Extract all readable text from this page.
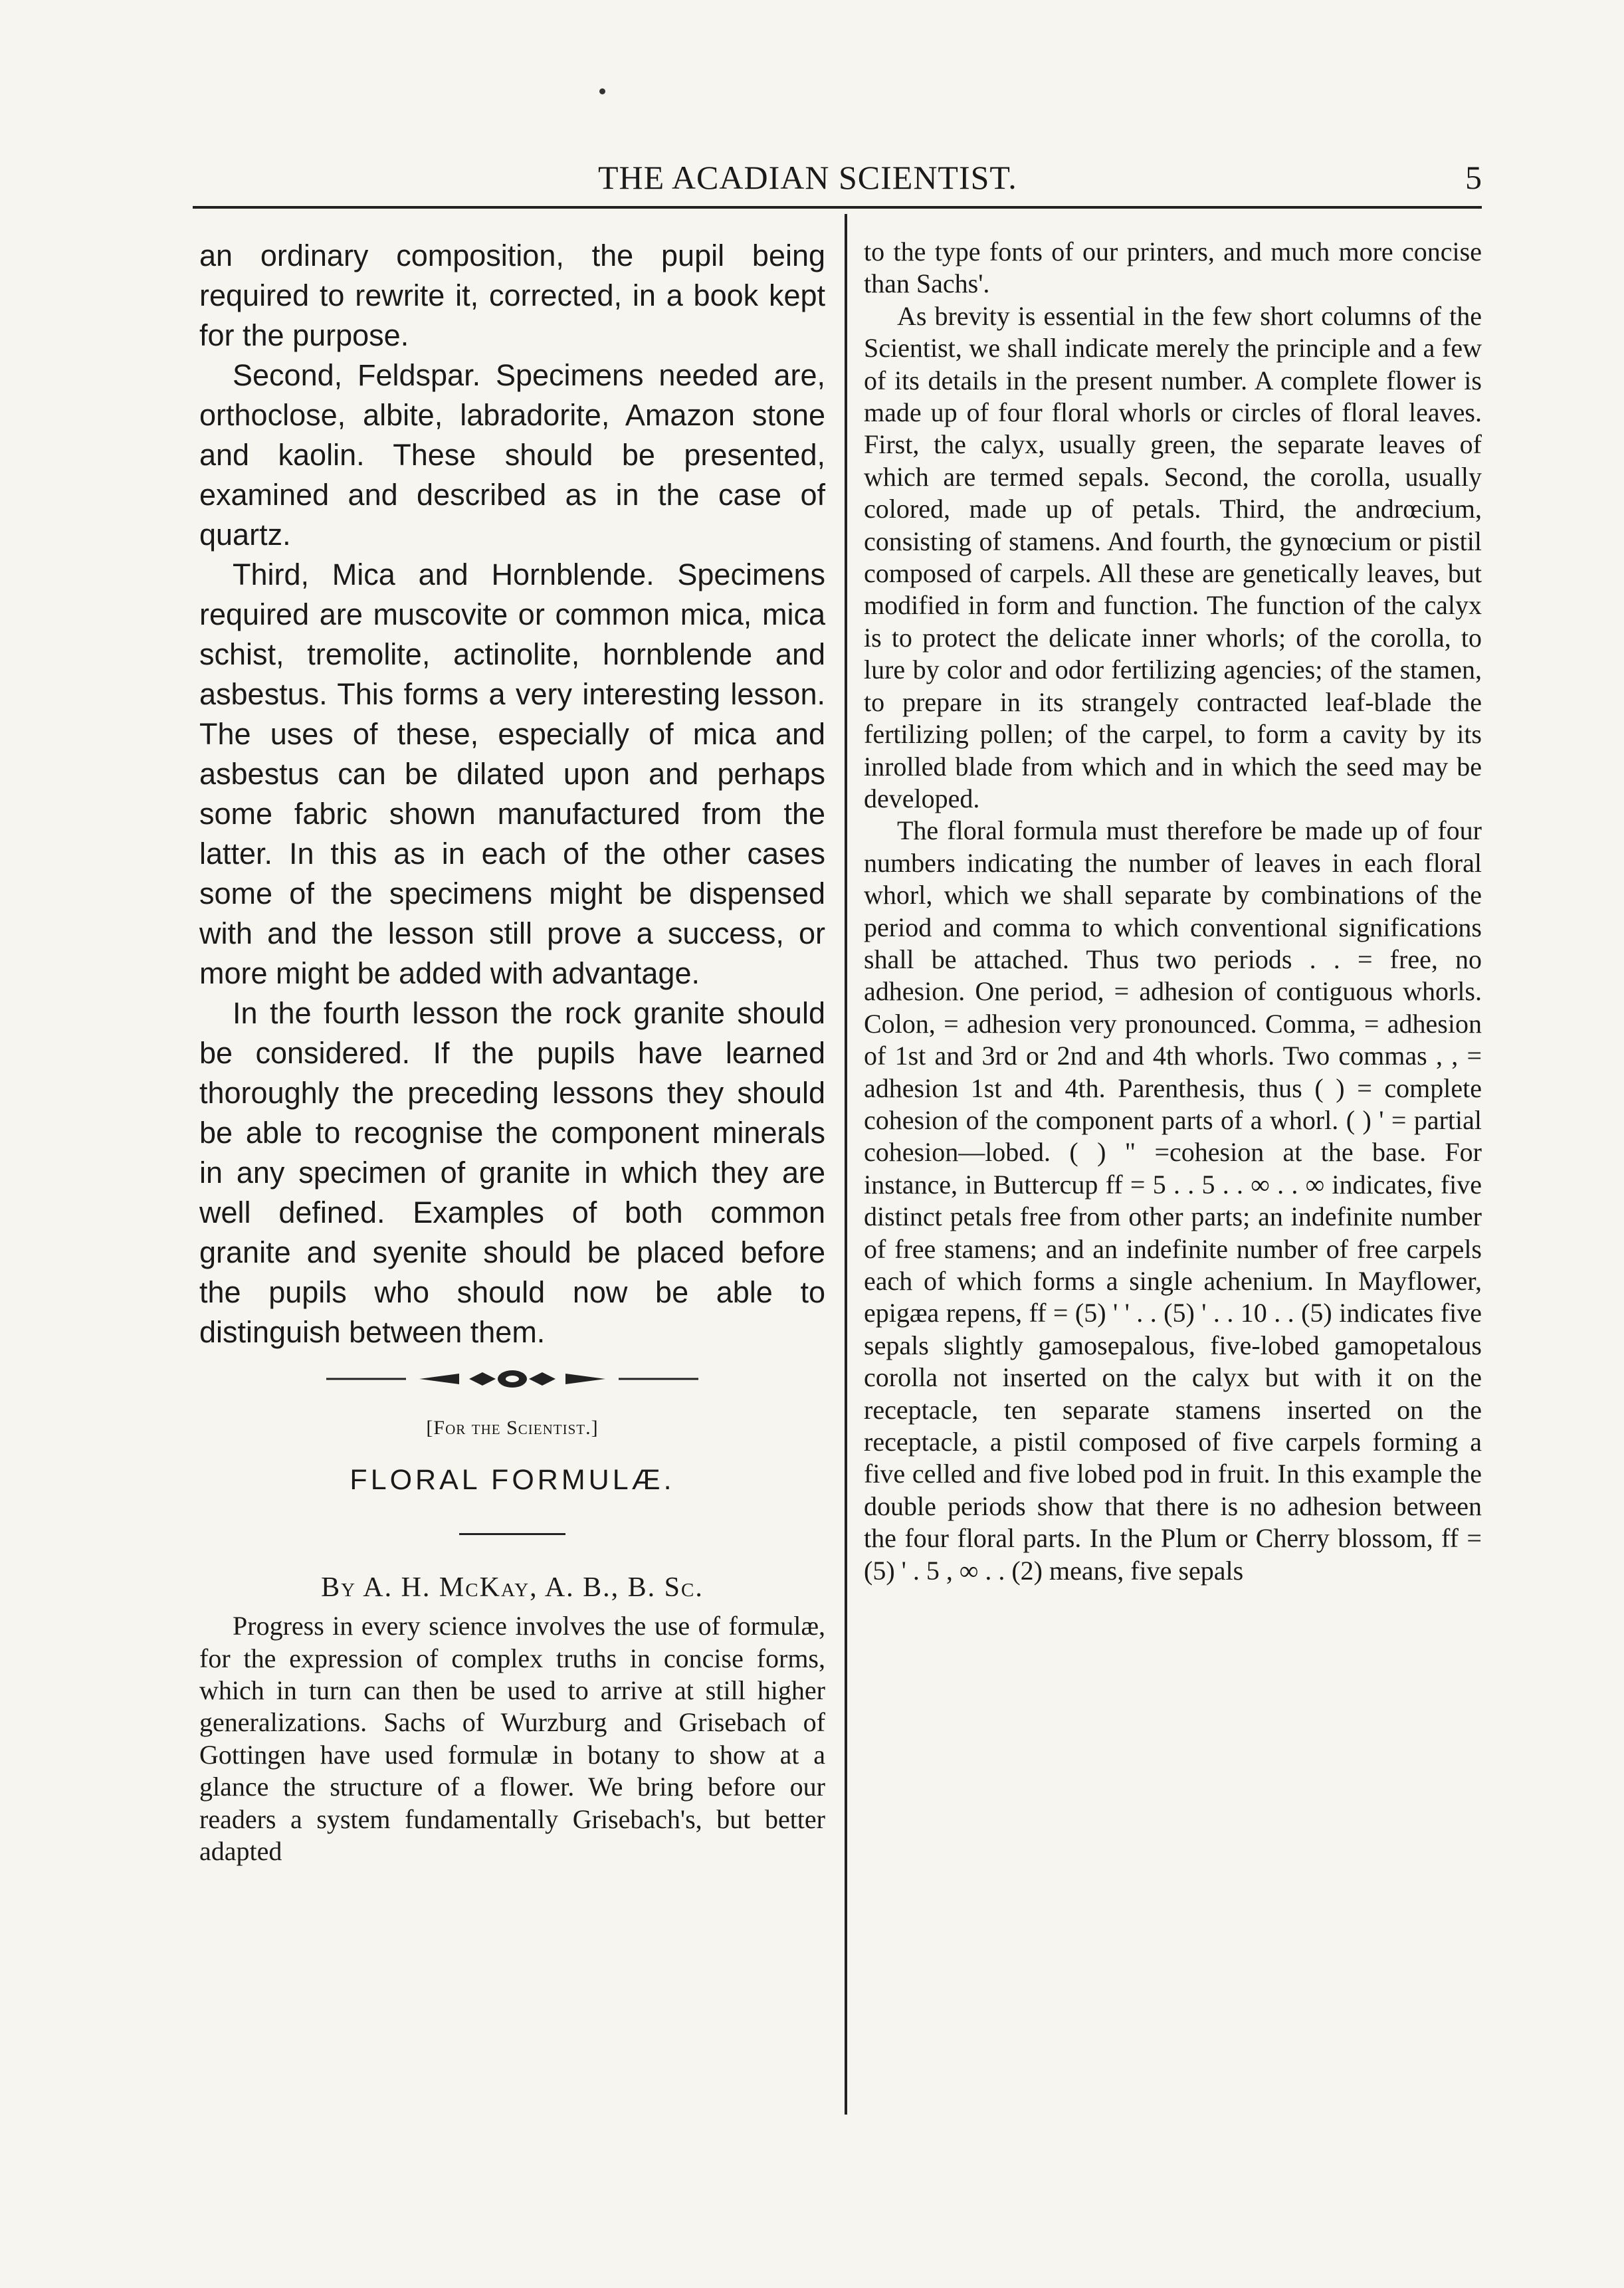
THE ACADIAN SCIENTIST.	5

an ordinary composition, the pupil being required to rewrite it, corrected, in a book kept for the purpose.

Second, Feldspar. Specimens needed are, orthoclose, albite, labradorite, Amazon stone and kaolin. These should be presented, examined and described as in the case of quartz.

Third, Mica and Hornblende. Specimens required are muscovite or common mica, mica schist, tremolite, actinolite, hornblende and asbestus. This forms a very interesting lesson. The uses of these, especially of mica and asbestus can be dilated upon and perhaps some fabric shown manufactured from the latter. In this as in each of the other cases some of the specimens might be dispensed with and the lesson still prove a success, or more might be added with advantage.

In the fourth lesson the rock granite should be considered. If the pupils have learned thoroughly the preceding lessons they should be able to recognise the component minerals in any specimen of granite in which they are well defined. Examples of both common granite and syenite should be placed before the pupils who should now be able to distinguish between them.

[For the Scientist.]
FLORAL FORMULÆ.
By A. H. McKay, A. B., B. Sc.

Progress in every science involves the use of formulæ, for the expression of complex truths in concise forms, which in turn can then be used to arrive at still higher generalizations. Sachs of Wurzburg and Grisebach of Gottingen have used formulæ in botany to show at a glance the structure of a flower. We bring before our readers a system fundamentally Grisebach's, but better adapted

to the type fonts of our printers, and much more concise than Sachs'.

As brevity is essential in the few short columns of the Scientist, we shall indicate merely the principle and a few of its details in the present number. A complete flower is made up of four floral whorls or circles of floral leaves. First, the calyx, usually green, the separate leaves of which are termed sepals. Second, the corolla, usually colored, made up of petals. Third, the andrœcium, consisting of stamens. And fourth, the gynœcium or pistil composed of carpels. All these are genetically leaves, but modified in form and function. The function of the calyx is to protect the delicate inner whorls; of the corolla, to lure by color and odor fertilizing agencies; of the stamen, to prepare in its strangely contracted leaf-blade the fertilizing pollen; of the carpel, to form a cavity by its inrolled blade from which and in which the seed may be developed.

The floral formula must therefore be made up of four numbers indicating the number of leaves in each floral whorl, which we shall separate by combinations of the period and comma to which conventional significations shall be attached. Thus two periods . . = free, no adhesion. One period, = adhesion of contiguous whorls. Colon, = adhesion very pronounced. Comma, = adhesion of 1st and 3rd or 2nd and 4th whorls. Two commas , , = adhesion 1st and 4th. Parenthesis, thus ( ) = complete cohesion of the component parts of a whorl. ( ) ' = partial cohesion—lobed. ( ) " =cohesion at the base. For instance, in Buttercup ff = 5 . . 5 . . ∞ . . ∞ indicates, five distinct petals free from other parts; an indefinite number of free stamens; and an indefinite number of free carpels each of which forms a single achenium. In Mayflower, epigæa repens, ff = (5) ' ' . . (5) ' . . 10 . . (5) indicates five sepals slightly gamosepalous, five-lobed gamopetalous corolla not inserted on the calyx but with it on the receptacle, ten separate stamens inserted on the receptacle, a pistil composed of five carpels forming a five celled and five lobed pod in fruit. In this example the double periods show that there is no adhesion between the four floral parts. In the Plum or Cherry blossom, ff = (5) ' . 5 , ∞ . . (2) means, five sepals
